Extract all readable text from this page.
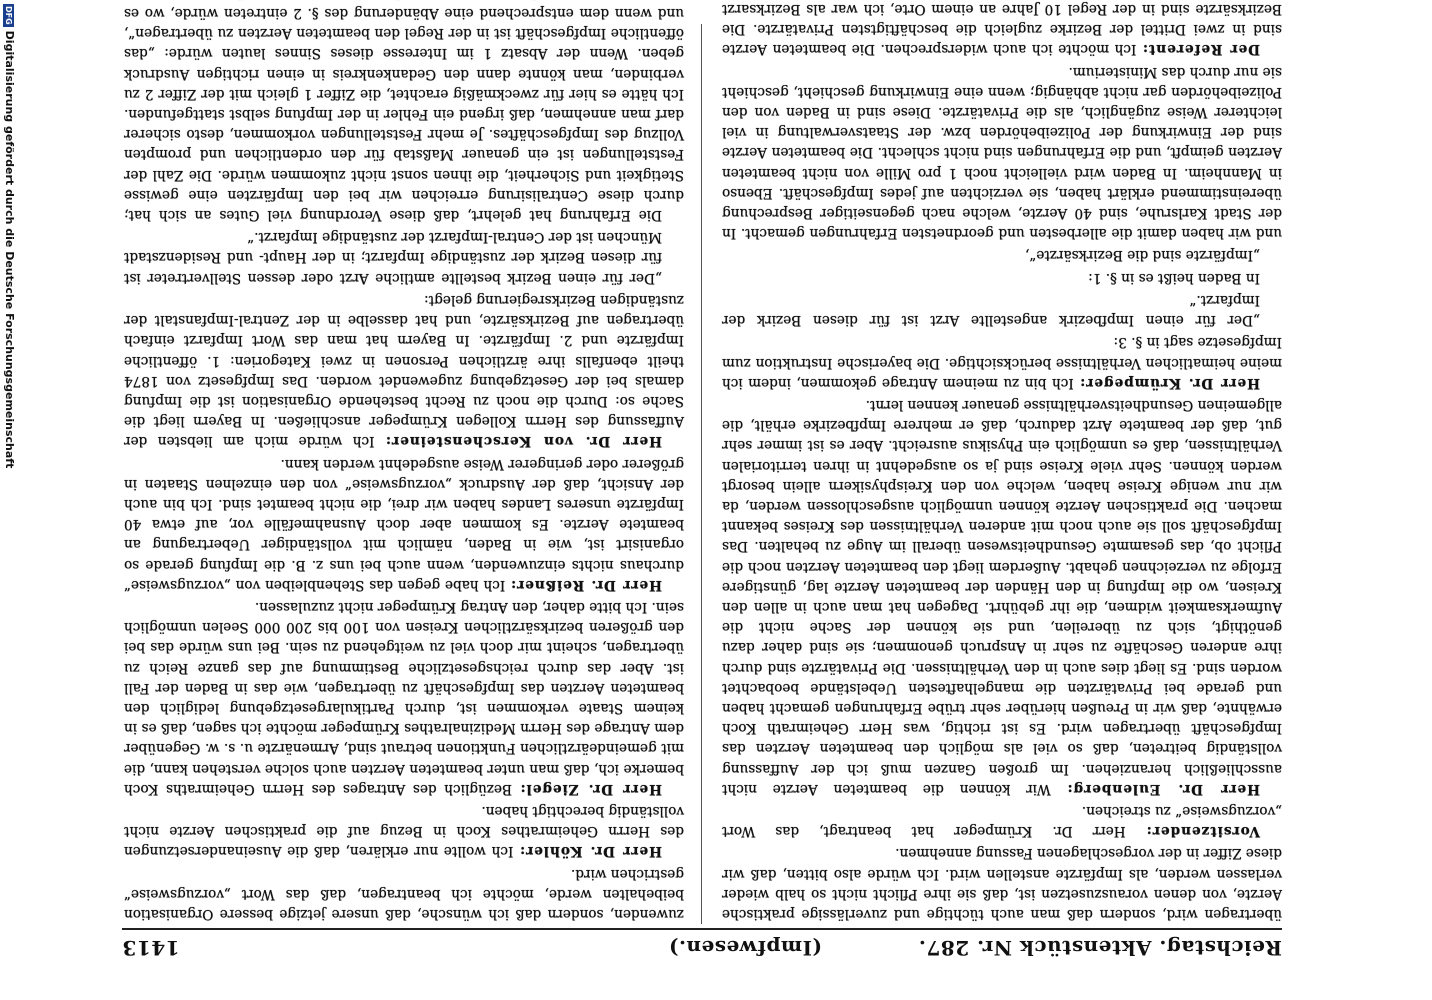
Reichstag. Aktenstück Nr. 287.
(Impfwesen.)
1413

übertragen wird, sondern daß man auch tüchtige und zuverlässige praktische Aerzte, von denen vorauszusetzen ist, daß sie ihre Pflicht nicht so halb wieder verlassen werden, als Impfärzte anstellen wird. Ich würde also bitten, daß wir diese Ziffer in der vorgeschlagenen Fassung annehmen.

Vorsitzender: Herr Dr. Krümpeger hat beantragt, das Wort „vorzugsweise“ zu streichen.

Herr Dr. Eulenberg: Wir können die beamteten Aerzte nicht ausschließlich heranziehen. Im großen Ganzen muß ich der Auffassung vollständig beitreten, daß so viel als möglich den beamteten Aerzten das Impfgeschäft übertragen wird. Es ist richtig, was Herr Geheimrath Koch erwähnte, daß wir in Preußen hierüber sehr trübe Erfahrungen gemacht haben und gerade bei Privatärzten die mangelhaftesten Uebelstände beobachtet worden sind. Es liegt dies auch in den Verhältnissen. Die Privatärzte sind durch ihre anderen Geschäfte zu sehr in Anspruch genommen; sie sind daher dazu genöthigt, sich zu übereilen, und sie können der Sache nicht die Aufmerksamkeit widmen, die ihr gebührt. Dagegen hat man auch in allen den Kreisen, wo die Impfung in den Händen der beamteten Aerzte lag, günstigere Erfolge zu verzeichnen gehabt. Außerdem liegt den beamteten Aerzten noch die Pflicht ob, das gesammte Gesundheitswesen überall im Auge zu behalten. Das Impfgeschäft soll sie auch noch mit anderen Verhältnissen des Kreises bekannt machen. Die praktischen Aerzte können unmöglich ausgeschlossen werden, da wir nur wenige Kreise haben, welche von den Kreisphysikern allein besorgt werden können. Sehr viele Kreise sind ja so ausgedehnt in ihren territorialen Verhältnissen, daß es unmöglich ein Physikus ausreicht. Aber es ist immer sehr gut, daß der beamtete Arzt dadurch, daß er mehrere Impfbezirke erhält, die allgemeinen Gesundheitsverhältnisse genauer kennen lernt.

Herr Dr. Krümpeger: Ich bin zu meinem Antrage gekommen, indem ich meine heimatlichen Verhältnisse berücksichtige. Die bayerische Instruktion zum Impfgesetze sagt in §. 3:

„Der für einen Impfbezirk angestellte Arzt ist für diesen Bezirk der Impfarzt.“

In Baden heißt es in §. 1:

„Impfärzte sind die Bezirksärzte“,

und wir haben damit die allerbesten und geordnetsten Erfahrungen gemacht. In der Stadt Karlsruhe, sind 40 Aerzte, welche nach gegenseitiger Besprechung übereinstimmend erklärt haben, sie verzichten auf jedes Impfgeschäft. Ebenso in Mannheim. In Baden wird vielleicht noch 1 pro Mille von nicht beamteten Aerzten geimpft, und die Erfahrungen sind nicht schlecht. Die beamteten Aerzte sind der Einwirkung der Polizeibehörden bzw. der Staatsverwaltung in viel leichterer Weise zugänglich, als die Privatärzte. Diese sind in Baden von den Polizeibehörden gar nicht abhängig; wenn eine Einwirkung geschieht, geschieht sie nur durch das Ministerium.

Der Referent: Ich möchte ich auch widersprechen. Die beamteten Aerzte sind in zwei Drittel der Bezirke zugleich die beschäftigtsten Privatärzte. Die Bezirksärzte sind in der Regel 10 Jahre an einem Orte, ich war als Bezirksarzt

zuwenden, sondern daß ich wünsche, daß unsere jetzige bessere Organisation beibehalten werde, möchte ich beantragen, daß das Wort „vorzugsweise“ gestrichen wird.

Herr Dr. Köhler: Ich wollte nur erklären, daß die Auseinandersetzungen des Herrn Geheimrathes Koch in Bezug auf die praktischen Aerzte nicht vollständig berechtigt haben.

Herr Dr. Ziegel: Bezüglich des Antrages des Herrn Geheimraths Koch bemerke ich, daß man unter beamteten Aerzten auch solche verstehen kann, die mit gemeindeärztlichen Funktionen betraut sind, Armenärzte u. s. w. Gegenüber dem Antrage des Herrn Medizinalrathes Krümpeger möchte ich sagen, daß es in keinem Staate verkommen ist, durch Partikulargesetzgebung lediglich den beamteten Aerzten das Impfgeschäft zu übertragen, wie das in Baden der Fall ist. Aber das durch reichsgesetzliche Bestimmung auf das ganze Reich zu übertragen, scheint mir doch viel zu weitgehend zu sein. Bei uns würde das bei den größeren bezirksärztlichen Kreisen von 100 bis 200 000 Seelen unmöglich sein. Ich bitte daher, den Antrag Krümpeger nicht zuzulassen.

Herr Dr. Reißner: Ich habe gegen das Stehenbleiben von „vorzugsweise“ durchaus nichts einzuwenden, wenn auch bei uns z. B. die Impfung gerade so organisirt ist, wie in Baden, nämlich mit vollständiger Uebertragung an beamtete Aerzte. Es kommen aber doch Ausnahmefälle vor, auf etwa 40 Impfärzte unseres Landes haben wir drei, die nicht beamtet sind. Ich bin auch der Ansicht, daß der Ausdruck „vorzugsweise“ von den einzelnen Staaten in größerer oder geringerer Weise ausgedehnt werden kann.

Herr Dr. von Kerschensteiner: Ich würde mich am liebsten der Auffassung des Herrn Kollegen Krümpeger anschließen. In Bayern liegt die Sache so: Durch die noch zu Recht bestehende Organisation ist die Impfung damals bei der Gesetzgebung zugewendet worden. Das Impfgesetz von 1874 theilt ebenfalls ihre ärztlichen Personen in zwei Kategorien: 1. öffentliche Impfärzte und 2. Impfärzte. In Bayern hat man das Wort Impfarzt einfach übertragen auf Bezirksärzte, und hat dasselbe in der Zentral-Impfanstalt der zuständigen Bezirksregierung gelegt:

„Der für einen Bezirk bestellte amtliche Arzt oder dessen Stellvertreter ist für diesen Bezirk der zuständige Impfarzt; in der Haupt- und Residenzstadt München ist der Central-Impfarzt der zuständige Impfarzt.“

Die Erfahrung hat gelehrt, daß diese Verordnung viel Gutes an sich hat; durch diese Centralisirung erreichen wir bei den Impfärzten eine gewisse Stetigkeit und Sicherheit, die ihnen sonst nicht zukommen würde. Die Zahl der Feststellungen ist ein genauer Maßstab für den ordentlichen und prompten Vollzug des Impfgeschäftes. Je mehr Feststellungen vorkommen, desto sicherer darf man annehmen, daß irgend ein Fehler in der Impfung selbst stattgefunden. Ich hätte es hier für zweckmäßig erachtet, die Ziffer 1 gleich mit der Ziffer 2 zu verbinden, man könnte dann den Gedankenkreis in einen richtigen Ausdruck geben. Wenn der Absatz 1 im Interesse dieses Sinnes lauten würde: „das öffentliche Impfgeschäft ist in der Regel den beamteten Aerzten zu übertragen“, und wenn dem entsprechend eine Abänderung des §. 2 eintreten würde, wo es

DFGDigitalisierung gefördert durch die Deutsche Forschungsgemeinschaft
